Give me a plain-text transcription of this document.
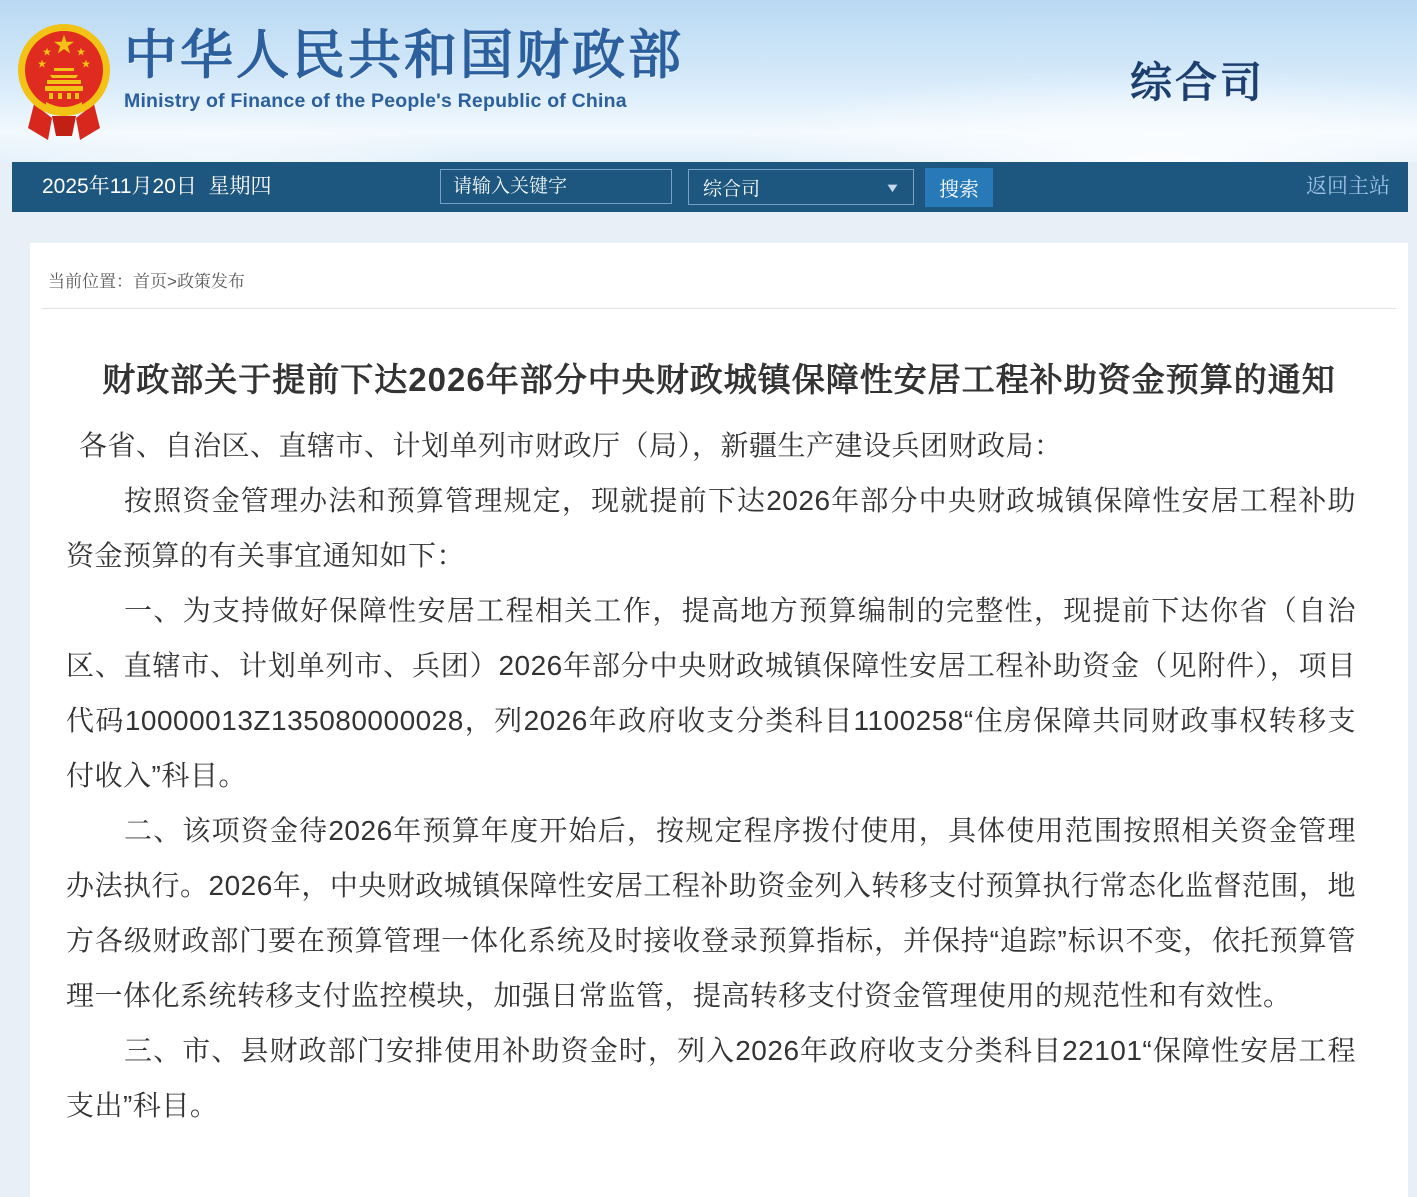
中华人民共和国财政部
Ministry of Finance of the People's Republic of China	综合司
2025年11月20日  星期四
请输入关键字	综合司	▼	搜索	返回主站
当前位置：首页>政策发布
财政部关于提前下达2026年部分中央财政城镇保障性安居工程补助资金预算的通知

各省、自治区、直辖市、计划单列市财政厅（局），新疆生产建设兵团财政局：

按照资金管理办法和预算管理规定，现就提前下达2026年部分中央财政城镇保障性安居工程补助资金预算的有关事宜通知如下：

一、为支持做好保障性安居工程相关工作，提高地方预算编制的完整性，现提前下达你省（自治区、直辖市、计划单列市、兵团）2026年部分中央财政城镇保障性安居工程补助资金（见附件），项目代码10000013Z135080000028，列2026年政府收支分类科目1100258“住房保障共同财政事权转移支付收入”科目。

二、该项资金待2026年预算年度开始后，按规定程序拨付使用，具体使用范围按照相关资金管理办法执行。2026年，中央财政城镇保障性安居工程补助资金列入转移支付预算执行常态化监督范围，地方各级财政部门要在预算管理一体化系统及时接收登录预算指标，并保持“追踪”标识不变，依托预算管理一体化系统转移支付监控模块，加强日常监管，提高转移支付资金管理使用的规范性和有效性。

三、市、县财政部门安排使用补助资金时，列入2026年政府收支分类科目22101“保障性安居工程支出”科目。
